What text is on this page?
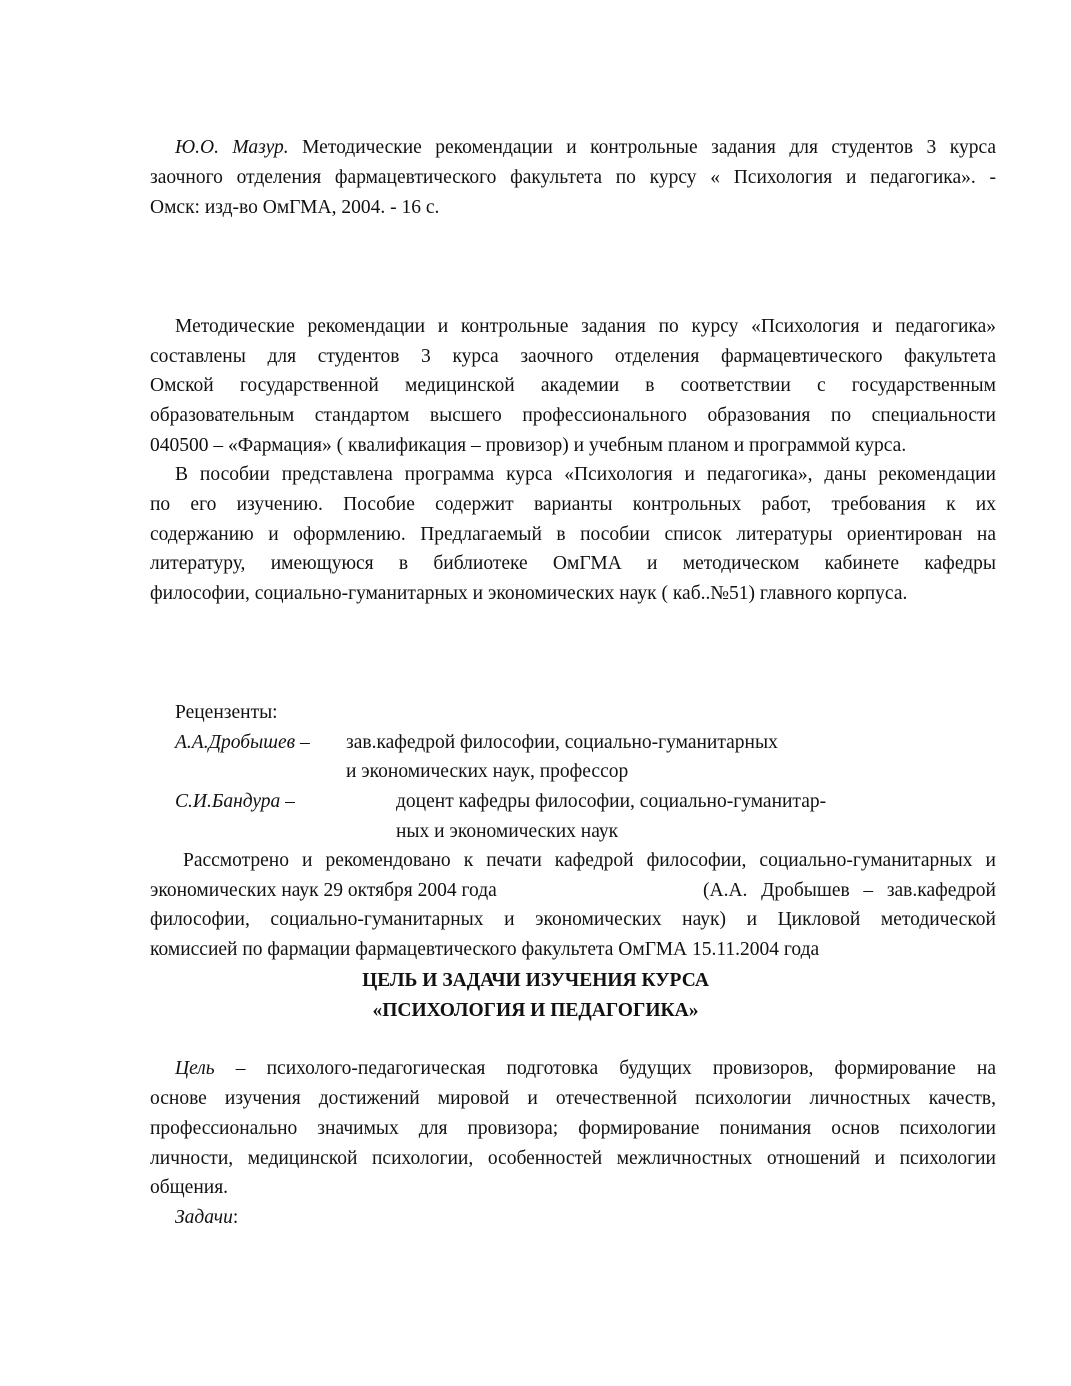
Ю.О. Мазур. Методические рекомендации и контрольные задания для студентов 3 курса
заочного отделения фармацевтического факультета по курсу « Психология и педагогика». -
Омск: изд-во ОмГМА, 2004. - 16 с.
Методические рекомендации и контрольные задания по курсу «Психология и педагогика»
составлены для студентов 3 курса заочного отделения фармацевтического факультета
Омской государственной медицинской академии в соответствии с государственным
образовательным стандартом высшего профессионального образования по специальности
040500 – «Фармация» ( квалификация – провизор) и учебным планом и программой курса.
В пособии представлена программа курса «Психология и педагогика», даны рекомендации
по его изучению. Пособие содержит варианты контрольных работ, требования к их
содержанию и оформлению. Предлагаемый в пособии список литературы ориентирован на
литературу, имеющуюся в библиотеке ОмГМА и методическом кабинете кафедры
философии, социально-гуманитарных и экономических наук ( каб..№51) главного корпуса.
Рецензенты:
А.А.Дробышев – зав.кафедрой философии, социально-гуманитарных
и экономических наук, профессор
С.И.Бандура –	доцент кафедры философии, социально-гуманитар-
ных и экономических наук
Рассмотрено и рекомендовано к печати кафедрой философии, социально-гуманитарных и
экономических наук 29 октября 2004 года	(А.А. Дробышев – зав.кафедрой
философии, социально-гуманитарных и экономических наук) и Цикловой методической
комиссией по фармации фармацевтического факультета ОмГМА 15.11.2004 года
ЦЕЛЬ И ЗАДАЧИ ИЗУЧЕНИЯ КУРСА
«ПСИХОЛОГИЯ И ПЕДАГОГИКА»
Цель – психолого-педагогическая подготовка будущих провизоров, формирование на
основе изучения достижений мировой и отечественной психологии личностных качеств,
профессионально значимых для провизора; формирование понимания основ психологии
личности, медицинской психологии, особенностей межличностных отношений и психологии
общения.
Задачи:
